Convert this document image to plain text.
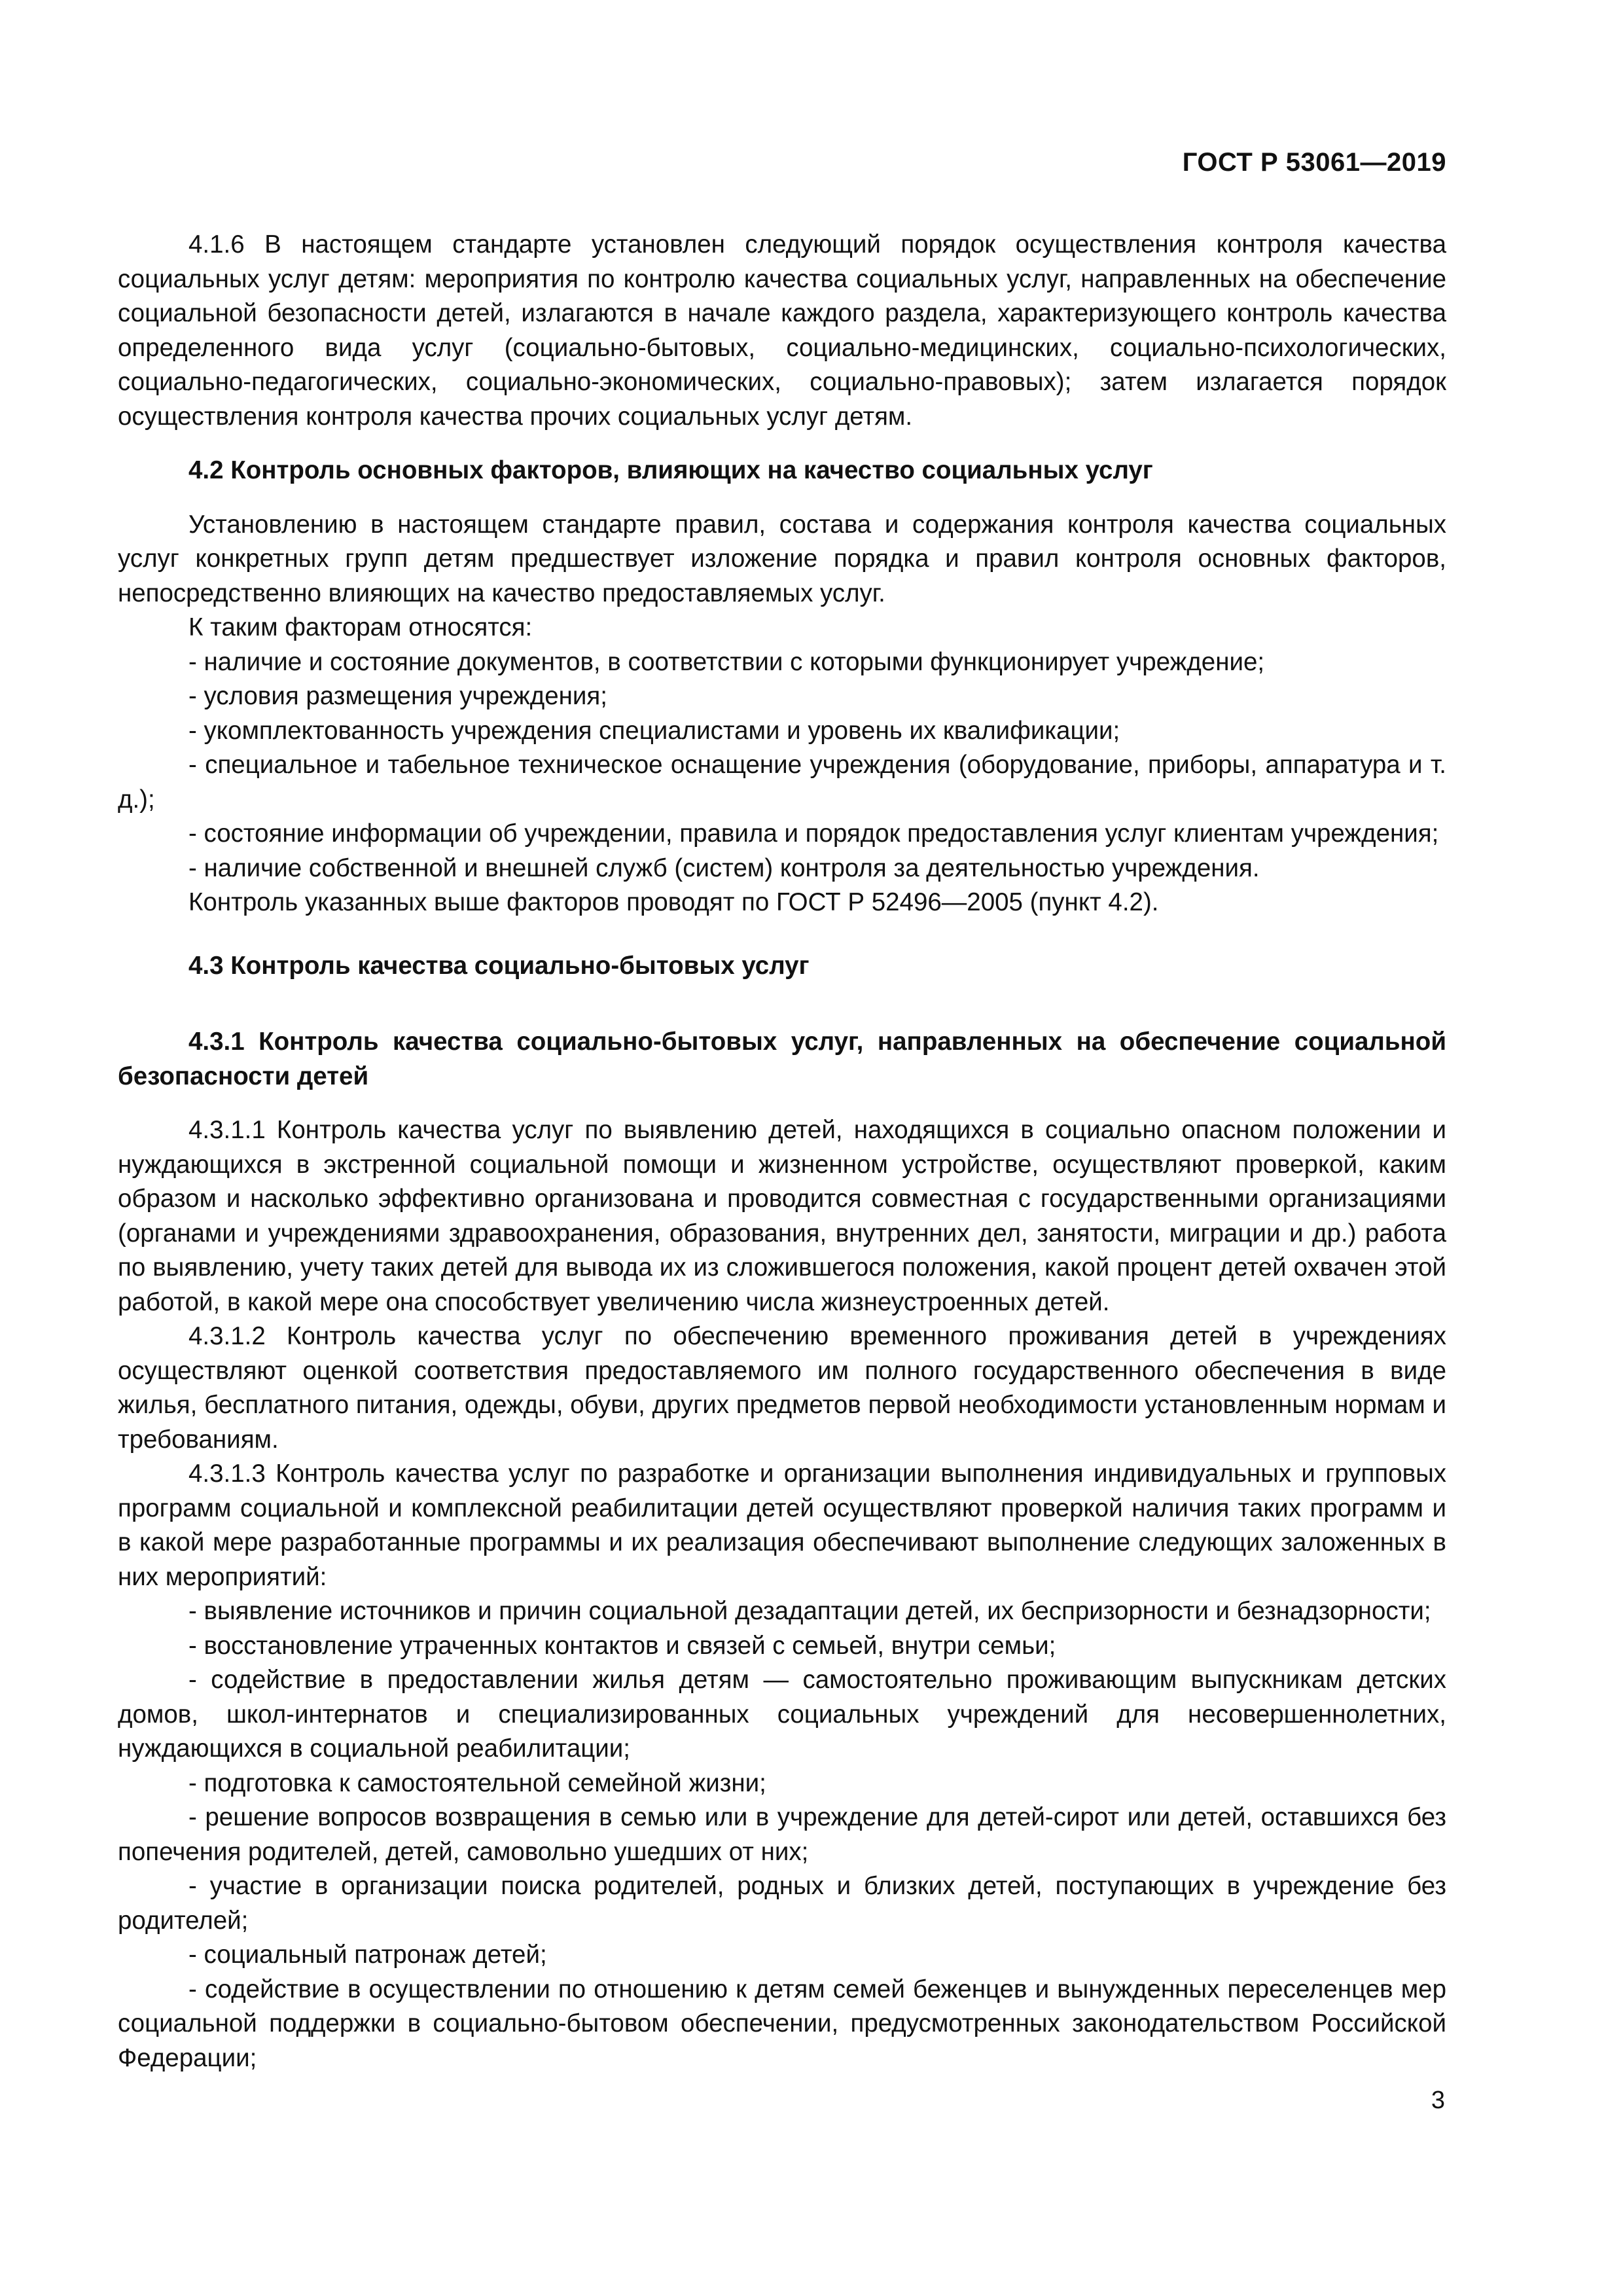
ГОСТ Р 53061—2019

4.1.6 В настоящем стандарте установлен следующий порядок осуществления контроля качества социальных услуг детям: мероприятия по контролю качества социальных услуг, направленных на обеспечение социальной безопасности детей, излагаются в начале каждого раздела, характеризующего контроль качества определенного вида услуг (социально-бытовых, социально-медицинских, социально-психологических, социально-педагогических, социально-экономических, социально-правовых); затем излагается порядок осуществления контроля качества прочих социальных услуг детям.

4.2 Контроль основных факторов, влияющих на качество социальных услуг

Установлению в настоящем стандарте правил, состава и содержания контроля качества социальных услуг конкретных групп детям предшествует изложение порядка и правил контроля основных факторов, непосредственно влияющих на качество предоставляемых услуг.

К таким факторам относятся:

- наличие и состояние документов, в соответствии с которыми функционирует учреждение;

- условия размещения учреждения;

- укомплектованность учреждения специалистами и уровень их квалификации;

- специальное и табельное техническое оснащение учреждения (оборудование, приборы, аппаратура и т. д.);

- состояние информации об учреждении, правила и порядок предоставления услуг клиентам учреждения;

- наличие собственной и внешней служб (систем) контроля за деятельностью учреждения.

Контроль указанных выше факторов проводят по ГОСТ Р 52496—2005 (пункт 4.2).

4.3 Контроль качества социально-бытовых услуг

4.3.1 Контроль качества социально-бытовых услуг, направленных на обеспечение социальной безопасности детей

4.3.1.1 Контроль качества услуг по выявлению детей, находящихся в социально опасном положении и нуждающихся в экстренной социальной помощи и жизненном устройстве, осуществляют проверкой, каким образом и насколько эффективно организована и проводится совместная с государственными организациями (органами и учреждениями здравоохранения, образования, внутренних дел, занятости, миграции и др.) работа по выявлению, учету таких детей для вывода их из сложившегося положения, какой процент детей охвачен этой работой, в какой мере она способствует увеличению числа жизнеустроенных детей.

4.3.1.2 Контроль качества услуг по обеспечению временного проживания детей в учреждениях осуществляют оценкой соответствия предоставляемого им полного государственного обеспечения в виде жилья, бесплатного питания, одежды, обуви, других предметов первой необходимости установленным нормам и требованиям.

4.3.1.3 Контроль качества услуг по разработке и организации выполнения индивидуальных и групповых программ социальной и комплексной реабилитации детей осуществляют проверкой наличия таких программ и в какой мере разработанные программы и их реализация обеспечивают выполнение следующих заложенных в них мероприятий:

- выявление источников и причин социальной дезадаптации детей, их беспризорности и безнадзорности;

- восстановление утраченных контактов и связей с семьей, внутри семьи;

- содействие в предоставлении жилья детям — самостоятельно проживающим выпускникам детских домов, школ-интернатов и специализированных социальных учреждений для несовершеннолетних, нуждающихся в социальной реабилитации;

- подготовка к самостоятельной семейной жизни;

- решение вопросов возвращения в семью или в учреждение для детей-сирот или детей, оставшихся без попечения родителей, детей, самовольно ушедших от них;

- участие в организации поиска родителей, родных и близких детей, поступающих в учреждение без родителей;

- социальный патронаж детей;

- содействие в осуществлении по отношению к детям семей беженцев и вынужденных переселенцев мер социальной поддержки в социально-бытовом обеспечении, предусмотренных законодательством Российской Федерации;

3
